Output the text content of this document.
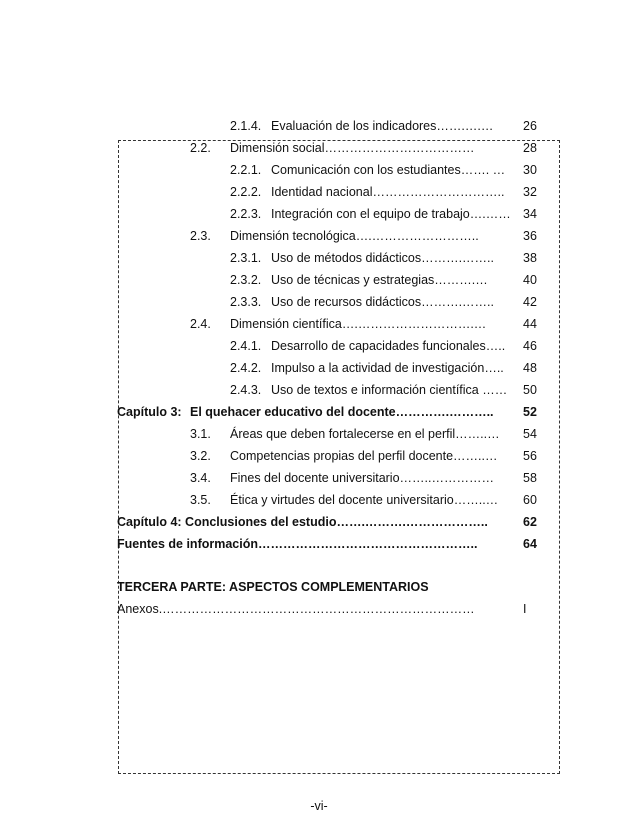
2.1.4. Evaluación de los indicadores…….….… 26
2.2. Dimensión social………………………………	28
2.2.1. Comunicación con los estudiantes……. … 30
2.2.2. Identidad nacional………………………….. 32
2.2.3. Integración con el equipo de trabajo….…… 34
2.3. Dimensión tecnológica….……………………..	36
2.3.1. Uso de métodos didácticos……….…….. 38
2.3.2. Uso de técnicas y estrategias……….…	40
2.3.3. Uso de recursos didácticos……….…….. 42
2.4. Dimensión científica….……………………….…	44
2.4.1. Desarrollo de capacidades funcionales….. 46
2.4.2. Impulso a la actividad de investigación….. 48
2.4.3. Uso de textos e información científica …… 50
Capítulo 3: El quehacer educativo del docente………….……….. 52
3.1. Áreas que deben fortalecerse en el perfil……..… 54
3.2. Competencias propias del perfil docente……..… 56
3.4. Fines del docente universitario……..…………… 58
3.5. Ética y virtudes del docente universitario……..… 60
Capítulo 4: Conclusiones del estudio…….……….………………..	62
Fuentes de información……………………………………………..	64
TERCERA PARTE: ASPECTOS COMPLEMENTARIOS
Anexos.…………………………………………………………………	I
-vi-
